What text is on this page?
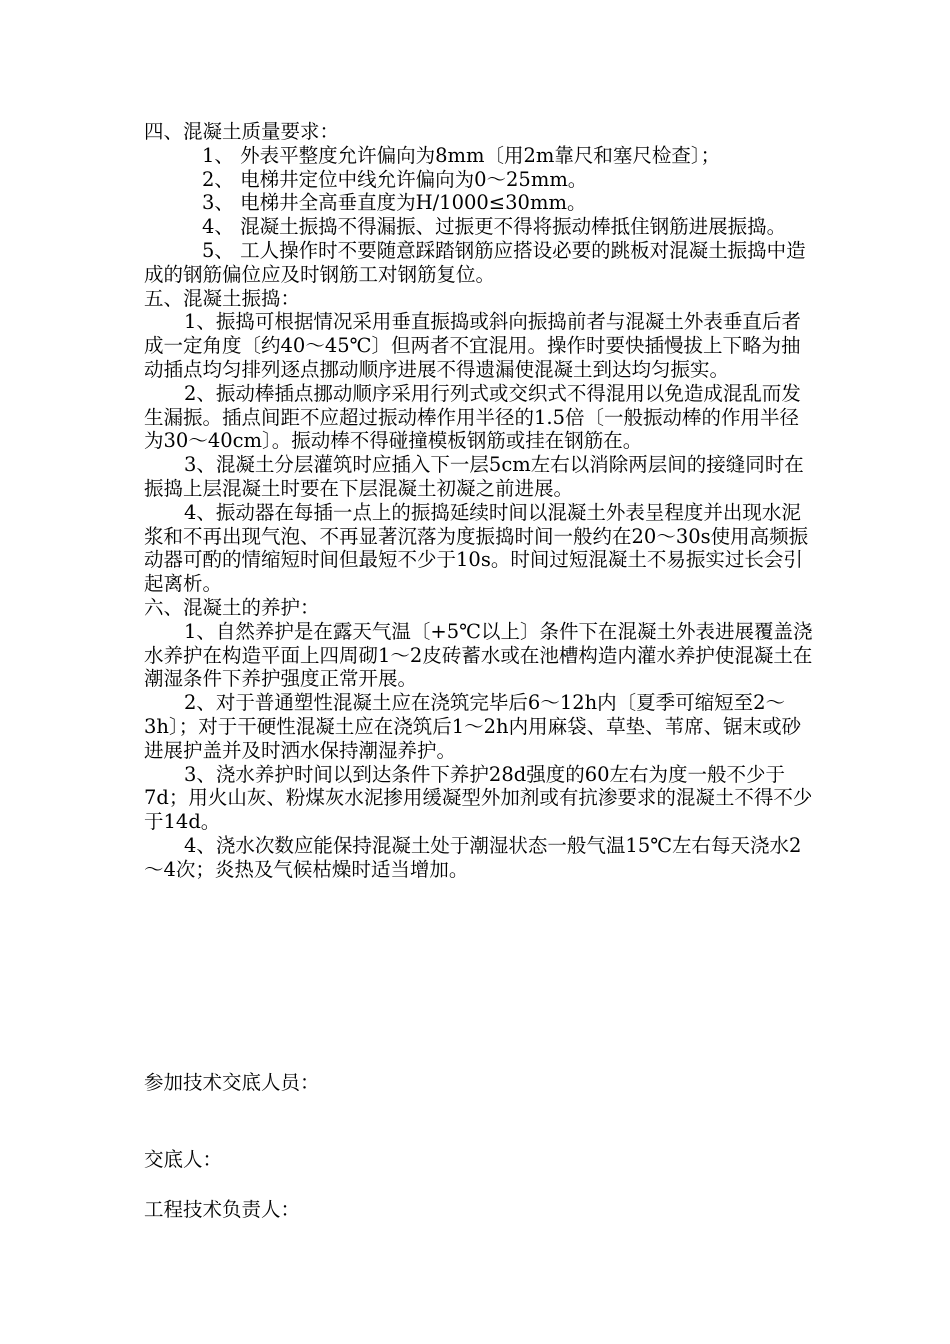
四、混凝土质量要求：

1、 外表平整度允许偏向为8mm〔用2m靠尺和塞尺检查〕；

2、 电梯井定位中线允许偏向为0～25mm。

3、 电梯井全高垂直度为H/1000≤30mm。

4、 混凝土振捣不得漏振、过振更不得将振动棒抵住钢筋进展振捣。

5、 工人操作时不要随意踩踏钢筋应搭设必要的跳板对混凝土振捣中造成的钢筋偏位应及时钢筋工对钢筋复位。

五、混凝土振捣：

1、振捣可根据情况采用垂直振捣或斜向振捣前者与混凝土外表垂直后者成一定角度〔约40～45℃〕但两者不宜混用。操作时要快插慢拔上下略为抽动插点均匀排列逐点挪动顺序进展不得遗漏使混凝土到达均匀振实。

2、振动棒插点挪动顺序采用行列式或交织式不得混用以免造成混乱而发生漏振。插点间距不应超过振动棒作用半径的1.5倍〔一般振动棒的作用半径为30～40cm〕。振动棒不得碰撞模板钢筋或挂在钢筋在。

3、混凝土分层灌筑时应插入下一层5cm左右以消除两层间的接缝同时在振捣上层混凝土时要在下层混凝土初凝之前进展。

4、振动器在每插一点上的振捣延续时间以混凝土外表呈程度并出现水泥浆和不再出现气泡、不再显著沉落为度振捣时间一般约在20～30s使用高频振动器可酌的情缩短时间但最短不少于10s。时间过短混凝土不易振实过长会引起离析。

六、混凝土的养护：

1、自然养护是在露天气温〔+5℃以上〕条件下在混凝土外表进展覆盖浇水养护在构造平面上四周砌1～2皮砖蓄水或在池槽构造内灌水养护使混凝土在潮湿条件下养护强度正常开展。

2、对于普通塑性混凝土应在浇筑完毕后6～12h内〔夏季可缩短至2～3h〕；对于干硬性混凝土应在浇筑后1～2h内用麻袋、草垫、苇席、锯末或砂进展护盖并及时洒水保持潮湿养护。

3、浇水养护时间以到达条件下养护28d强度的60左右为度一般不少于7d；用火山灰、粉煤灰水泥掺用缓凝型外加剂或有抗渗要求的混凝土不得不少于14d。

4、浇水次数应能保持混凝土处于潮湿状态一般气温15℃左右每天浇水2～4次；炎热及气候枯燥时适当增加。

参加技术交底人员：
交底人：
工程技术负责人：
